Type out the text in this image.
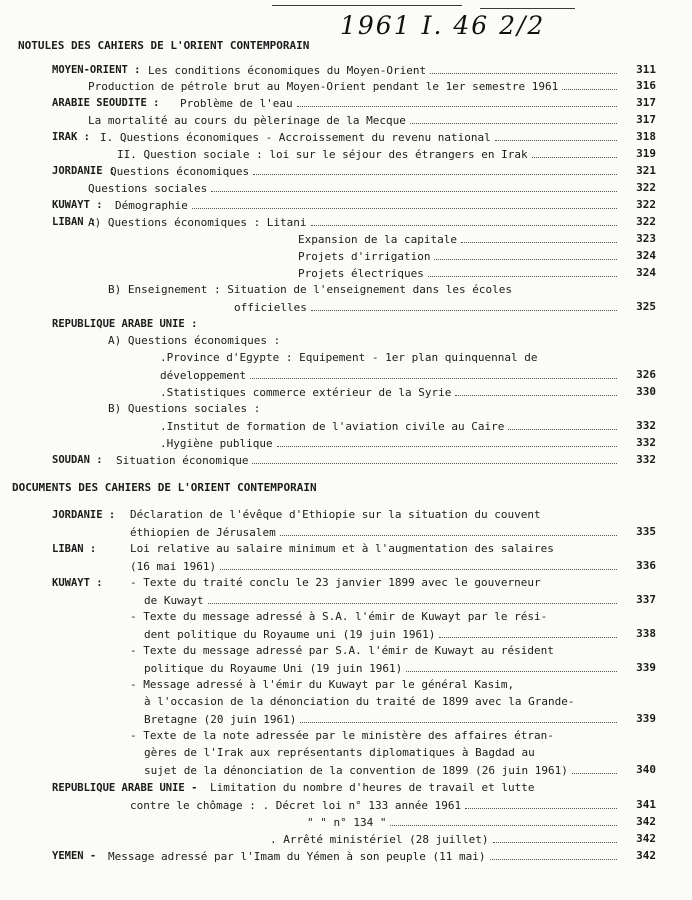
1961 I. 46 2/2
NOTULES DES CAHIERS DE L'ORIENT CONTEMPORAIN
DOCUMENTS DES CAHIERS DE L'ORIENT CONTEMPORAIN
MOYEN-ORIENT : Les conditions économiques du Moyen-Orient	311
Production de pétrole brut au Moyen-Orient pendant le 1er semestre 1961	316
ARABIE SEOUDITE : Problème de l'eau	317
La mortalité au cours du pèlerinage de la Mecque	317
IRAK : I. Questions économiques - Accroissement du revenu national	318
II. Question sociale : loi sur le séjour des étrangers en Irak	319
JORDANIE :
Questions économiques	321
Questions sociales	322
KUWAYT : Démographie	322
LIBAN :
A) Questions économiques : Litani	322
Expansion de la capitale	323
Projets d'irrigation	324
Projets électriques	324
B) Enseignement : Situation de l'enseignement dans les écoles
officielles	325
REPUBLIQUE ARABE UNIE :
A) Questions économiques :
.Province d'Egypte : Equipement - 1er plan quinquennal de
développement	326
.Statistiques commerce extérieur de la Syrie	330
B) Questions sociales :
.Institut de formation de l'aviation civile au Caire	332
.Hygiène publique	332
SOUDAN : Situation économique	332
JORDANIE : Déclaration de l'évêque d'Ethiopie sur la situation du couvent
éthiopien de Jérusalem	335
LIBAN :	Loi relative au salaire minimum et à l'augmentation des salaires
(16 mai 1961)	336
KUWAYT : - Texte du traité conclu le 23 janvier 1899 avec le gouverneur
de Kuwayt	337
- Texte du message adressé à S.A. l'émir de Kuwayt par le rési-
dent politique du Royaume uni (19 juin 1961)	338
- Texte du message adressé par S.A. l'émir de Kuwayt au résident
politique du Royaume Uni (19 juin 1961)	339
- Message adressé à l'émir du Kuwayt par le général Kasim,
à l'occasion de la dénonciation du traité de 1899 avec la Grande-
Bretagne (20 juin 1961)	339
- Texte de la note adressée par le ministère des affaires étran-
gères de l'Irak aux représentants diplomatiques à Bagdad au
sujet de la dénonciation de la convention de 1899 (26 juin 1961)	340
REPUBLIQUE ARABE UNIE - Limitation du nombre d'heures de travail et lutte
contre le chômage : . Décret loi n° 133 année 1961	341
" " n° 134 "	342
. Arrêté ministériel (28 juillet)	342
YEMEN - Message adressé par l'Imam du Yémen à son peuple (11 mai)	342
